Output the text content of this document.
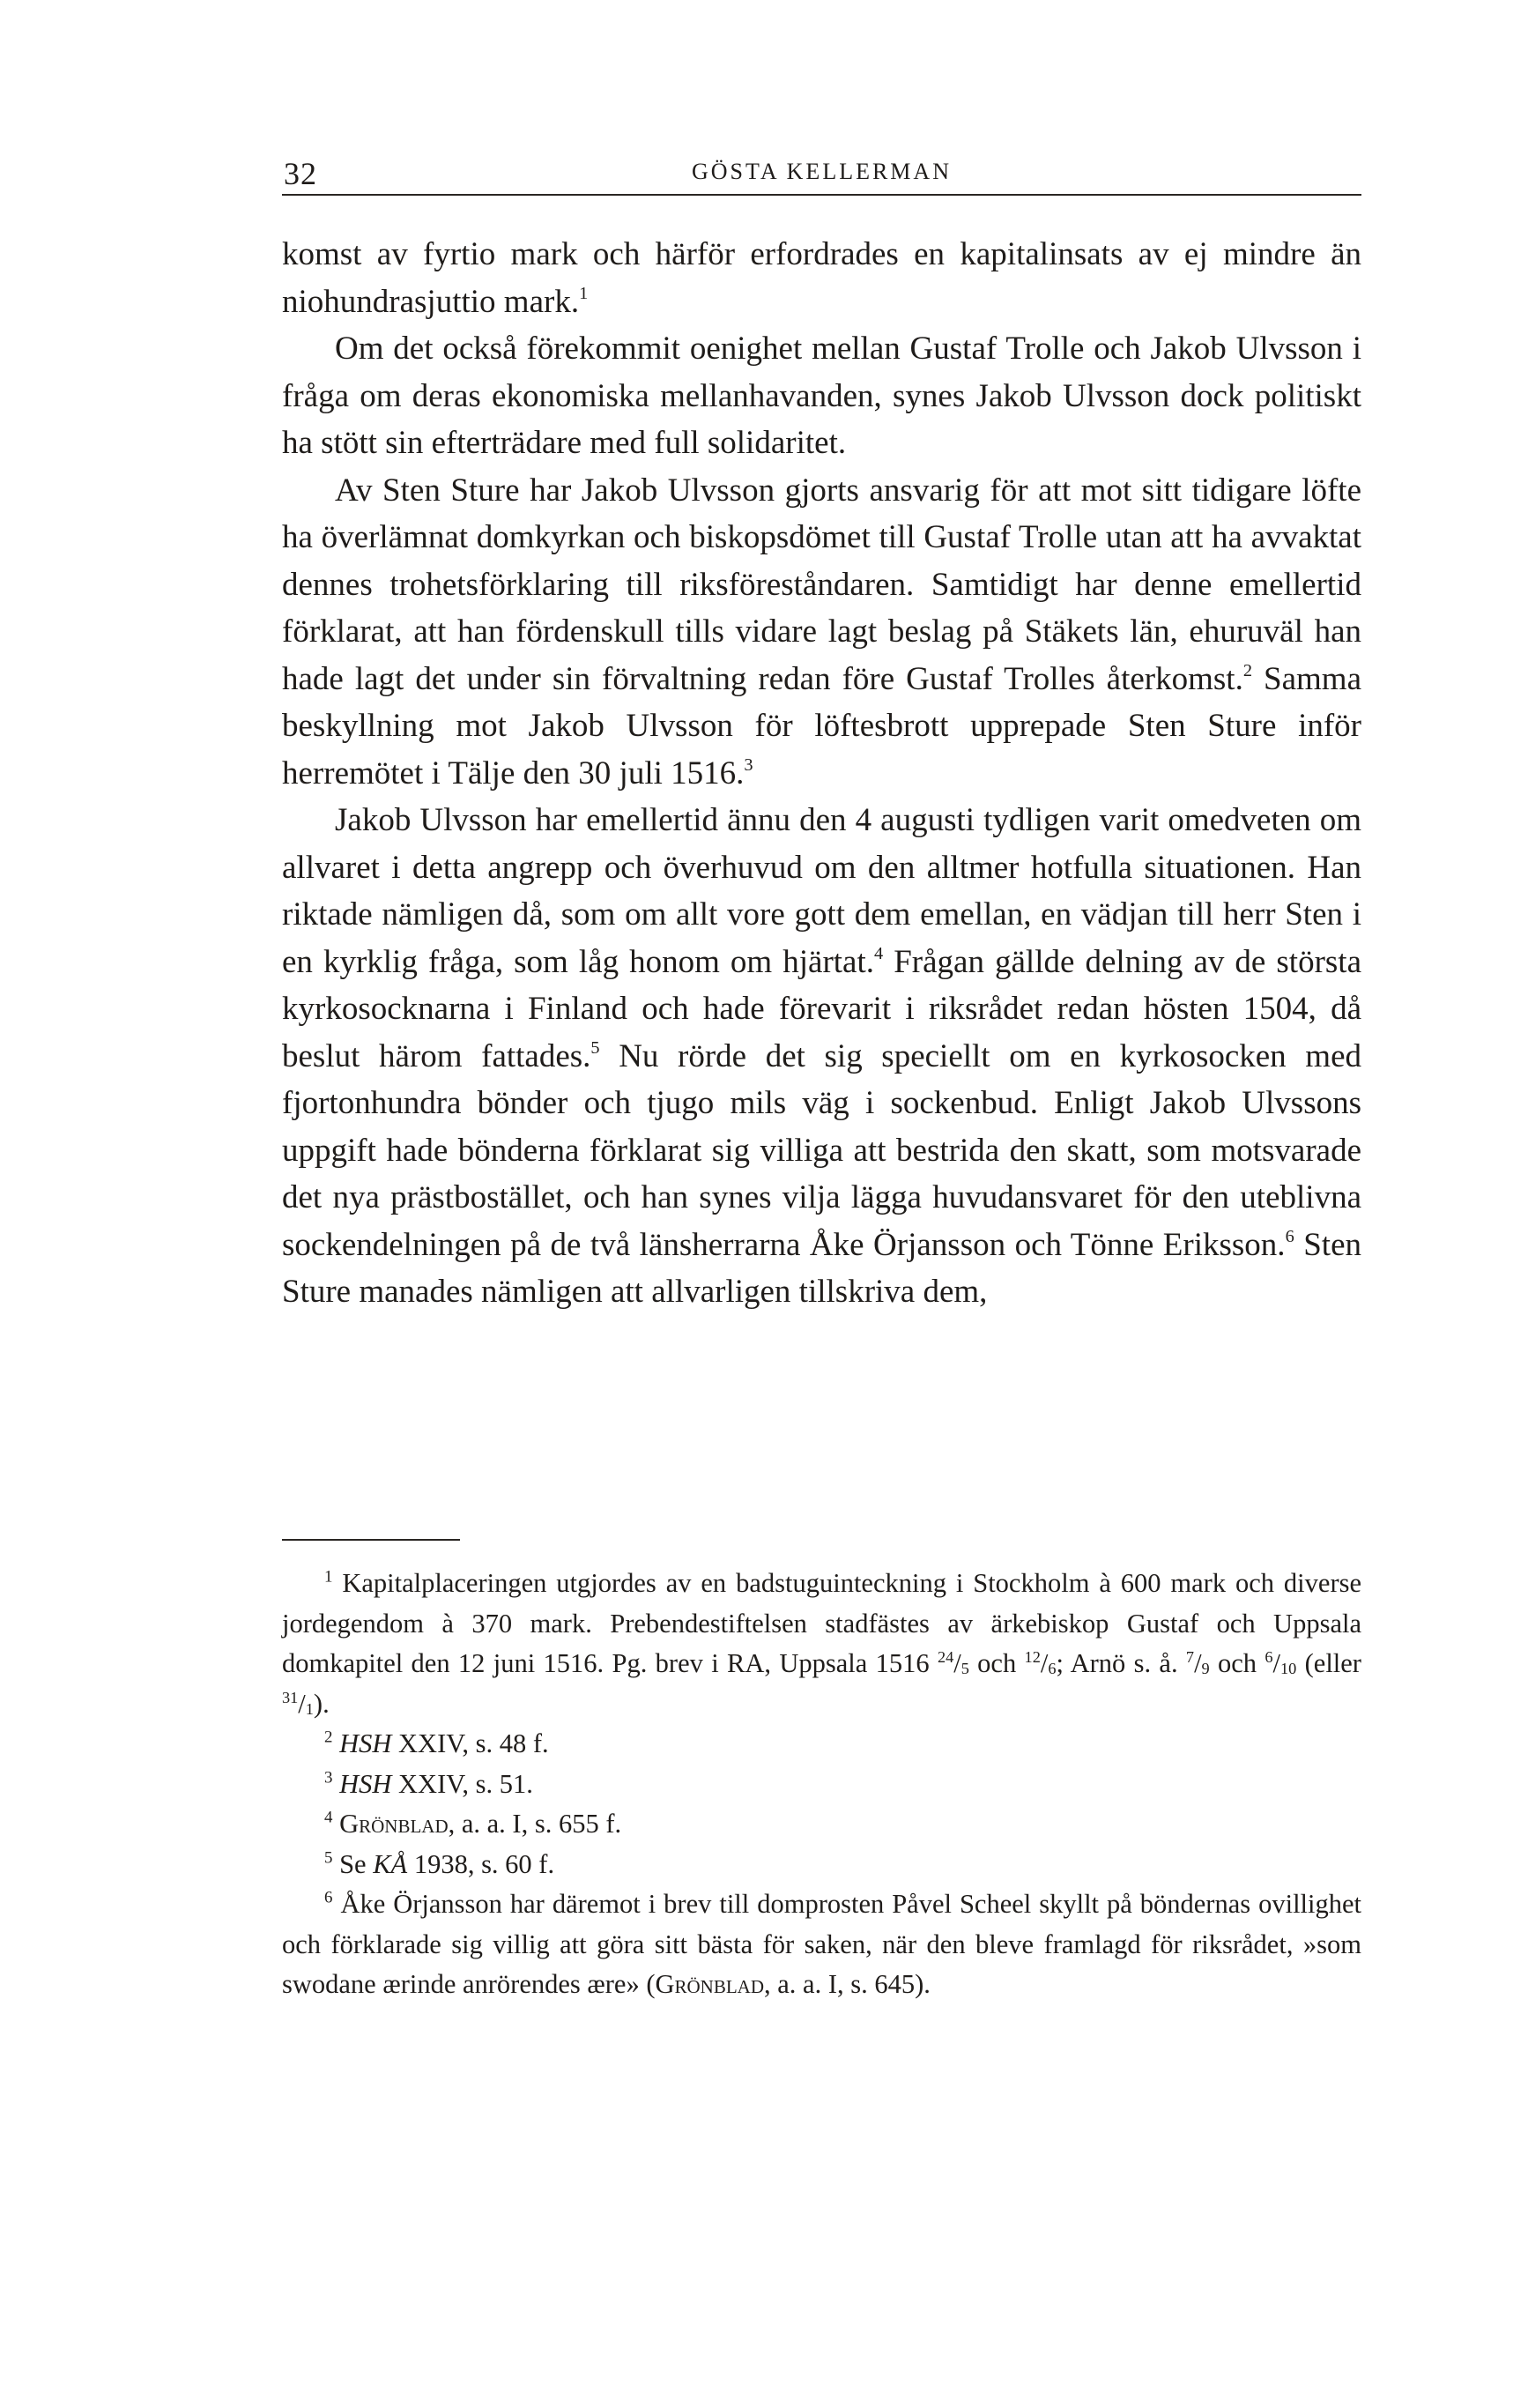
32	GÖSTA KELLERMAN

komst av fyrtio mark och härför erfordrades en kapitalinsats av ej mindre än niohundrasjuttio mark.$^1$

Om det också förekommit oenighet mellan Gustaf Trolle och Jakob Ulvsson i fråga om deras ekonomiska mellanhavanden, synes Jakob Ulvsson dock politiskt ha stött sin efterträdare med full solidaritet.

Av Sten Sture har Jakob Ulvsson gjorts ansvarig för att mot sitt tidigare löfte ha överlämnat domkyrkan och biskopsdömet till Gustaf Trolle utan att ha avvaktat dennes trohetsförklaring till riksföreståndaren. Samtidigt har denne emellertid förklarat, att han fördenskull tills vidare lagt beslag på Stäkets län, ehuruväl han hade lagt det under sin förvaltning redan före Gustaf Trolles återkomst.$^2$ Samma beskyllning mot Jakob Ulvsson för löftesbrott upprepade Sten Sture inför herremötet i Tälje den 30 juli 1516.$^3$

Jakob Ulvsson har emellertid ännu den 4 augusti tydligen varit omedveten om allvaret i detta angrepp och överhuvud om den alltmer hotfulla situationen. Han riktade nämligen då, som om allt vore gott dem emellan, en vädjan till herr Sten i en kyrklig fråga, som låg honom om hjärtat.$^4$ Frågan gällde delning av de största kyrkosocknarna i Finland och hade förevarit i riksrådet redan hösten 1504, då beslut härom fattades.$^5$ Nu rörde det sig speciellt om en kyrkosocken med fjortonhundra bönder och tjugo mils väg i sockenbud. Enligt Jakob Ulvssons uppgift hade bönderna förklarat sig villiga att bestrida den skatt, som motsvarade det nya prästbostället, och han synes vilja lägga huvudansvaret för den uteblivna sockendelningen på de två länsherrarna Åke Örjansson och Tönne Eriksson.$^6$ Sten Sture manades nämligen att allvarligen tillskriva dem,

$^1$ Kapitalplaceringen utgjordes av en badstuguinteckning i Stockholm à 600 mark och diverse jordegendom à 370 mark. Prebendestiftelsen stadfästes av ärkebiskop Gustaf och Uppsala domkapitel den 12 juni 1516. Pg. brev i RA, Uppsala 1516 $^{24}/_5$ och $^{12}/_6$; Arnö s. å. $^7/_9$ och $^6/_{10}$ (eller $^{31}/_1$).

$^2$ HSH XXIV, s. 48 f.

$^3$ HSH XXIV, s. 51.

$^4$ Grönblad, a. a. I, s. 655 f.

$^5$ Se KÅ 1938, s. 60 f.

$^6$ Åke Örjansson har däremot i brev till domprosten Påvel Scheel skyllt på böndernas ovillighet och förklarade sig villig att göra sitt bästa för saken, när den bleve framlagd för riksrådet, »som swodane ærinde anrörendes ære» (Grönblad, a. a. I, s. 645).
